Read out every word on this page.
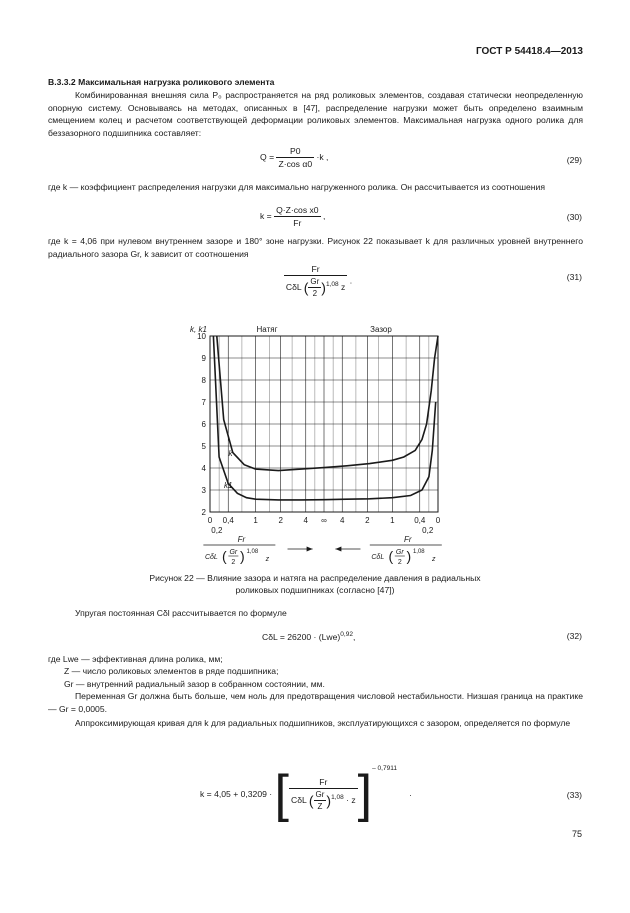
ГОСТ Р 54418.4—2013
B.3.3.2 Максимальная нагрузка роликового элемента
Комбинированная внешняя сила P₀ распространяется на ряд роликовых элементов, создавая статически неопределенную опорную систему. Основываясь на методах, описанных в [47], распределение нагрузки может быть определено взаимным смещением колец и расчетом соответствующей деформации роликовых элементов. Максимальная нагрузка одного ролика для беззазорного подшипника составляет:
$Q = \frac{P0}{\text{Z·cos α0}} \cdot k$ ,	(29)
где k — коэффициент распределения нагрузки для максимально нагруженного ролика. Он рассчитывается из соотношения
$k = \frac{\text{Q·Z·cos x0}}{Fr}$ ,	(30)
где k = 4,06 при нулевом внутреннем зазоре и 180° зоне нагрузки. Рисунок 22 показывает k для различных уровней внутреннего радиального зазора Gr, k зависит от соотношения
$\frac{Fr}{C\delta L ( \frac{Gr}{2} )^{1,08} z}$ .	(31)
0 0,4 1	2	4 ∞ 4	2	1 0,4 0
0,2	0,2
2
3
4
5
6
7
8
9
10
k, k1	Натяг	Зазор
k
k1
Fr
CδL ( Gr
2 ) 1,08
z
Fr
CδL ( Gr
2 ) 1,08
z
Рисунок 22 — Влияние зазора и натяга на распределение давления в радиальных
роликовых подшипниках (согласно [47])
Упругая постоянная Cδl рассчитывается по формуле
CδL = 26200 · (Lwe)$^{0,92}$,	(32)
где Lwe — эффективная длина ролика, мм;
Z — число роликовых элементов в ряде подшипника;
Gr — внутренний радиальный зазор в собранном состоянии, мм.
Переменная Gr должна быть больше, чем ноль для предотвращения числовой нестабильности. Низшая граница на практике — Gr = 0,0005.
Аппроксимирующая кривая для k для радиальных подшипников, эксплуатирующихся с зазором, определяется по формуле
k = 4,05 + 0,3209 · [ $\frac{Fr}{C\delta L ( \frac{Gr}{Z} )^{1,08} \cdot z} ]^{- 0,7911}$ .	(33)
75
